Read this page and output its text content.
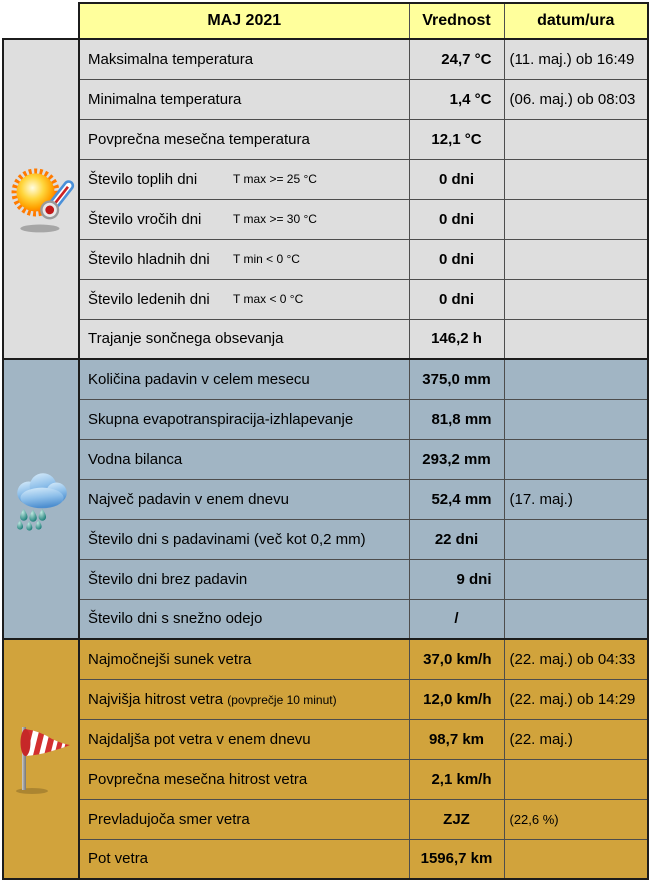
	MAJ 2021	Vrednost	datum/ura

	Maksimalna temperatura	24,7 °C	(11. maj.) ob 16:49
	Minimalna temperatura	1,4 °C	(06. maj.) ob 08:03
	Povprečna mesečna temperatura	12,1 °C	
	Število toplih dni T max >= 25 °C	0 dni	
	Število vročih dni T max >= 30 °C	0 dni	
	Število hladnih dni T min < 0 °C	0 dni	
	Število ledenih dni T max < 0 °C	0 dni	
	Trajanje sončnega obsevanja	146,2 h	

	Količina padavin v celem mesecu	375,0 mm	
	Skupna evapotranspiracija-izhlapevanje	81,8 mm	
	Vodna bilanca	293,2 mm	
	Največ padavin v enem dnevu	52,4 mm	(17. maj.)
	Število dni s padavinami (več kot 0,2 mm)	22 dni	
	Število dni brez padavin	9 dni	
	Število dni s snežno odejo	/	

	Najmočnejši sunek vetra	37,0 km/h	(22. maj.) ob 04:33
	Najvišja hitrost vetra (povprečje 10 minut)	12,0 km/h	(22. maj.) ob 14:29
	Najdaljša pot vetra v enem dnevu	98,7 km	(22. maj.)
	Povprečna mesečna hitrost vetra	2,1 km/h	
	Prevladujoča smer vetra	ZJZ	(22,6 %)
	Pot vetra	1596,7 km	
